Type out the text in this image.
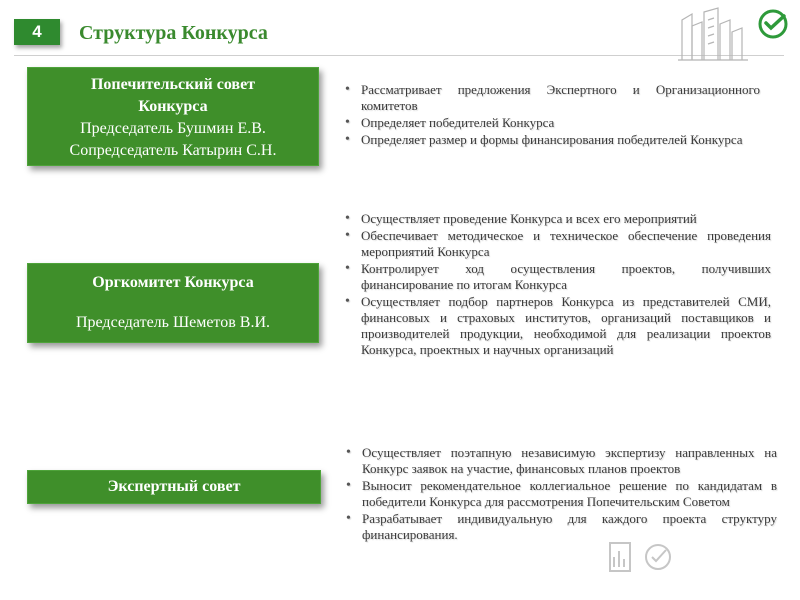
4	Структура Конкурса
Попечительский совет
Конкурса
Председатель Бушмин Е.В.
Сопредседатель Катырин С.Н.
• Рассматривает предложения Экспертного и Организационного комитетов
• Определяет победителей Конкурса
• Определяет размер и формы финансирования победителей Конкурса
Оргкомитет Конкурса
Председатель Шеметов В.И.
• Осуществляет проведение Конкурса и всех его мероприятий
• Обеспечивает методическое и техническое обеспечение проведения мероприятий Конкурса
• Контролирует ход осуществления проектов, получивших финансирование по итогам Конкурса
• Осуществляет подбор партнеров Конкурса из представителей СМИ, финансовых и страховых институтов, организаций поставщиков и производителей продукции, необходимой для реализации проектов Конкурса, проектных и научных организаций
Экспертный совет
• Осуществляет поэтапную независимую экспертизу направленных на Конкурс заявок на участие, финансовых планов проектов
• Выносит рекомендательное коллегиальное решение по кандидатам в победители Конкурса для рассмотрения Попечительским Советом
• Разрабатывает индивидуальную для каждого проекта структуру финансирования.
